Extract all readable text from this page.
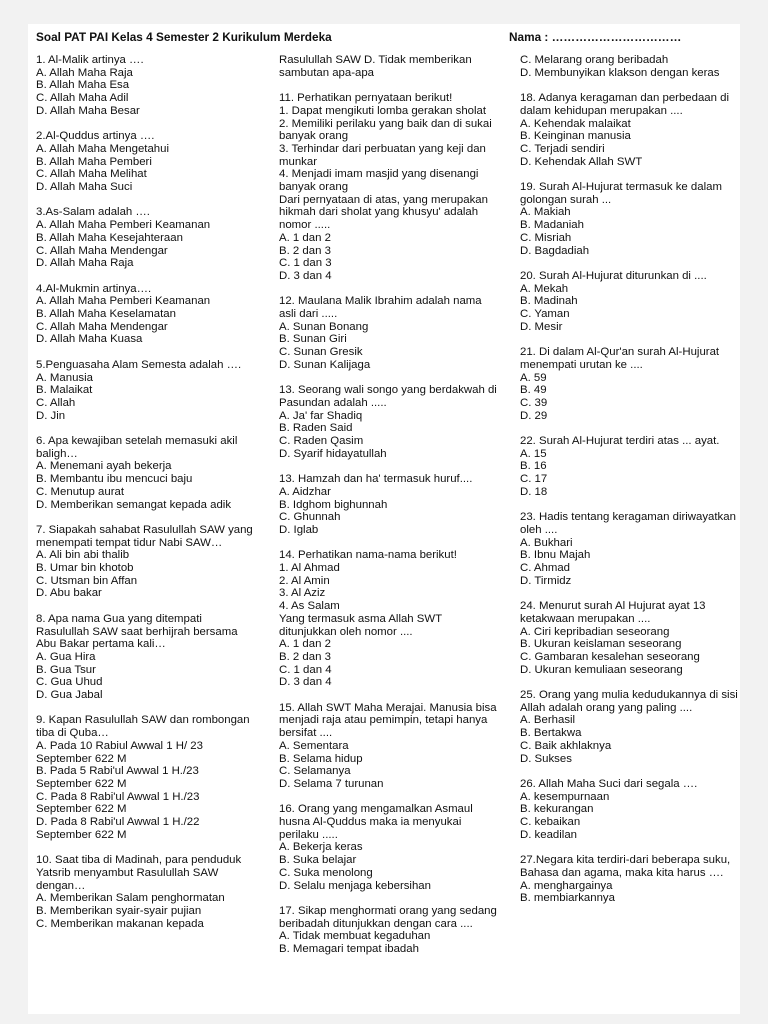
Soal PAT PAI Kelas 4 Semester 2 Kurikulum Merdeka	Nama : ……………………………
1. Al-Malik artinya ….
A. Allah Maha Raja
B. Allah Maha Esa
C. Allah Maha Adil
D. Allah Maha Besar
2.Al-Quddus artinya ….
A. Allah Maha Mengetahui
B. Allah Maha Pemberi
C. Allah Maha Melihat
D. Allah Maha Suci
3.As-Salam adalah ….
A. Allah Maha Pemberi Keamanan
B. Allah Maha Kesejahteraan
C. Allah Maha Mendengar
D. Allah Maha Raja
4.Al-Mukmin artinya….
A. Allah Maha Pemberi Keamanan
B. Allah Maha Keselamatan
C. Allah Maha Mendengar
D. Allah Maha Kuasa
5.Penguasaha Alam Semesta adalah ….
A. Manusia
B. Malaikat
C. Allah
D. Jin
6. Apa kewajiban setelah memasuki akil baligh…
A. Menemani ayah bekerja
B. Membantu ibu mencuci baju
C. Menutup aurat
D. Memberikan semangat kepada adik
7. Siapakah sahabat Rasulullah SAW yang menempati tempat tidur Nabi SAW…
A. Ali bin abi thalib
B. Umar bin khotob
C. Utsman bin Affan
D. Abu bakar
8. Apa nama Gua yang ditempati Rasulullah SAW saat berhijrah bersama Abu Bakar pertama kali…
A. Gua Hira
B. Gua Tsur
C. Gua Uhud
D. Gua Jabal
9. Kapan Rasulullah SAW dan rombongan tiba di Quba…
A. Pada 10 Rabiul Awwal 1 H/ 23 September 622 M
B. Pada 5 Rabi'ul Awwal 1 H./23 September 622 M
C. Pada 8 Rabi'ul Awwal 1 H./23 September 622 M
D. Pada 8 Rabi'ul Awwal 1 H./22 September 622 M
10. Saat tiba di Madinah, para penduduk Yatsrib menyambut Rasulullah SAW dengan…
A. Memberikan Salam penghormatan
B. Memberikan syair-syair pujian
C. Memberikan makanan kepada
Rasulullah SAW D. Tidak memberikan sambutan apa-apa
11. Perhatikan pernyataan berikut!
1. Dapat mengikuti lomba gerakan sholat
2. Memiliki perilaku yang baik dan di sukai banyak orang
3. Terhindar dari perbuatan yang keji dan munkar
4. Menjadi imam masjid yang disenangi banyak orang
Dari pernyataan di atas, yang merupakan hikmah dari sholat yang khusyu' adalah nomor .....
A. 1 dan 2
B. 2 dan 3
C. 1 dan 3
D. 3 dan 4
12. Maulana Malik Ibrahim adalah nama asli dari .....
A. Sunan Bonang
B. Sunan Giri
C. Sunan Gresik
D. Sunan Kalijaga
13. Seorang wali songo yang berdakwah di Pasundan adalah .....
A. Ja' far Shadiq
B. Raden Said
C. Raden Qasim
D. Syarif hidayatullah
13. Hamzah dan ha' termasuk huruf....
A. Aidzhar
B. Idghom bighunnah
C. Ghunnah
D. Iglab
14. Perhatikan nama-nama berikut!
1. Al Ahmad
2. Al Amin
3. Al Aziz
4. As Salam
Yang termasuk asma Allah SWT ditunjukkan oleh nomor ....
A. 1 dan 2
B. 2 dan 3
C. 1 dan 4
D. 3 dan 4
15. Allah SWT Maha Merajai. Manusia bisa menjadi raja atau pemimpin, tetapi hanya bersifat ....
A. Sementara
B. Selama hidup
C. Selamanya
D. Selama 7 turunan
16. Orang yang mengamalkan Asmaul husna Al-Quddus maka ia menyukai perilaku .....
A. Bekerja keras
B. Suka belajar
C. Suka menolong
D. Selalu menjaga kebersihan
17. Sikap menghormati orang yang sedang beribadah ditunjukkan dengan cara ....
A. Tidak membuat kegaduhan
B. Memagari tempat ibadah
C. Melarang orang beribadah
D. Membunyikan klakson dengan keras
18. Adanya keragaman dan perbedaan di dalam kehidupan merupakan ....
A. Kehendak malaikat
B. Keinginan manusia
C. Terjadi sendiri
D. Kehendak Allah SWT
19. Surah Al-Hujurat termasuk ke dalam golongan surah ...
A. Makiah
B. Madaniah
C. Misriah
D. Bagdadiah
20. Surah Al-Hujurat diturunkan di ....
A. Mekah
B. Madinah
C. Yaman
D. Mesir
21. Di dalam Al-Qur'an surah Al-Hujurat menempati urutan ke ....
A. 59
B. 49
C. 39
D. 29
22. Surah Al-Hujurat terdiri atas ... ayat.
A. 15
B. 16
C. 17
D. 18
23. Hadis tentang keragaman diriwayatkan oleh ....
A. Bukhari
B. Ibnu Majah
C. Ahmad
D. Tirmidz
24. Menurut surah Al Hujurat ayat 13 ketakwaan merupakan ....
A. Ciri kepribadian seseorang
B. Ukuran keislaman seseorang
C. Gambaran kesalehan seseorang
D. Ukuran kemuliaan seseorang
25. Orang yang mulia kedudukannya di sisi Allah adalah orang yang paling ....
A. Berhasil
B. Bertakwa
C. Baik akhlaknya
D. Sukses
26. Allah Maha Suci dari segala ….
A. kesempurnaan
B. kekurangan
C. kebaikan
D. keadilan
27.Negara kita terdiri-dari beberapa suku, Bahasa dan agama, maka kita harus ….
A. menghargainya
B. membiarkannya
